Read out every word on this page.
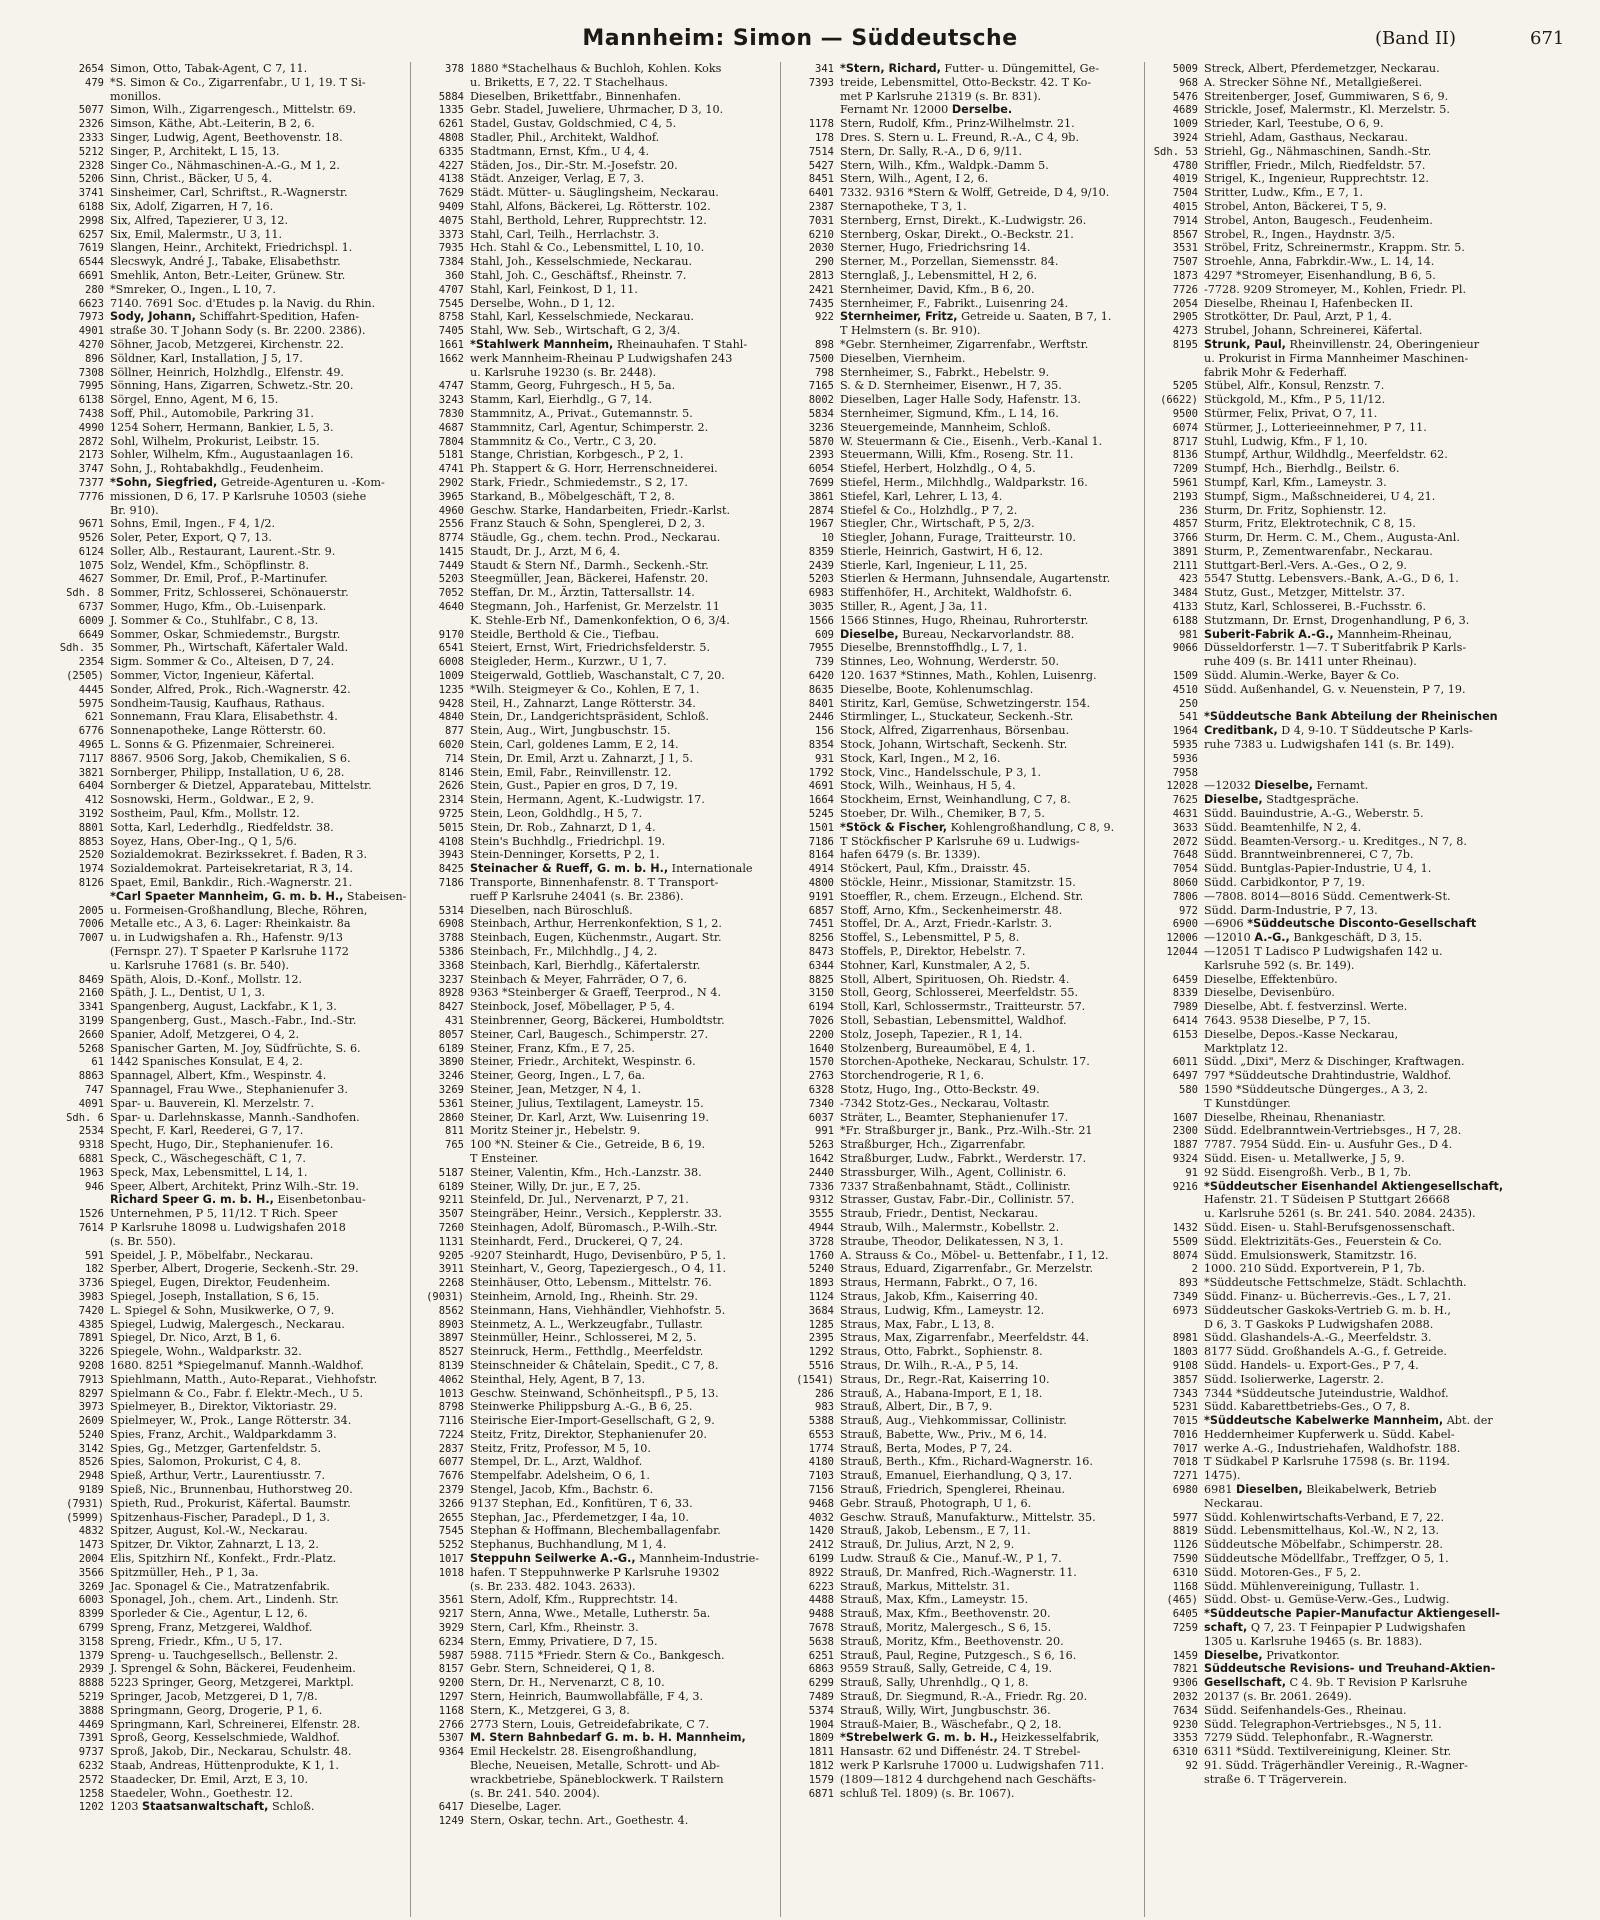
Mannheim: Simon — Süddeutsche	(Band II)	671
2654 Simon, Otto, Tabak-Agent, C 7, 11.
479 *S. Simon & Co., Zigarrenfabr., U 1, 19. T Si-
monillos.
5077 Simon, Wilh., Zigarrengesch., Mittelstr. 69.
2326 Simson, Käthe, Abt.-Leiterin, B 2, 6.
2333 Singer, Ludwig, Agent, Beethovenstr. 18.
5212 Singer, P., Architekt, L 15, 13.
2328 Singer Co., Nähmaschinen-A.-G., M 1, 2.
5206 Sinn, Christ., Bäcker, U 5, 4.
3741 Sinsheimer, Carl, Schriftst., R.-Wagnerstr.
6188 Six, Adolf, Zigarren, H 7, 16.
2998 Six, Alfred, Tapezierer, U 3, 12.
6257 Six, Emil, Malermstr., U 3, 11.
7619 Slangen, Heinr., Architekt, Friedrichspl. 1.
6544 Slecswyk, André J., Tabake, Elisabethstr.
6691 Smehlik, Anton, Betr.-Leiter, Grünew. Str.
280 *Smreker, O., Ingen., L 10, 7.
6623 7140. 7691 Soc. d'Etudes p. la Navig. du Rhin.
7973 Sody, Johann, Schiffahrt-Spedition, Hafen-
4901 straße 30. T Johann Sody (s. Br. 2200. 2386).
4270 Söhner, Jacob, Metzgerei, Kirchenstr. 22.
896 Söldner, Karl, Installation, J 5, 17.
7308 Söllner, Heinrich, Holzhdlg., Elfenstr. 49.
7995 Sönning, Hans, Zigarren, Schwetz.-Str. 20.
6138 Sörgel, Enno, Agent, M 6, 15.
7438 Soff, Phil., Automobile, Parkring 31.
4990 1254 Soherr, Hermann, Bankier, L 5, 3.
2872 Sohl, Wilhelm, Prokurist, Leibstr. 15.
2173 Sohler, Wilhelm, Kfm., Augustaanlagen 16.
3747 Sohn, J., Rohtabakhdlg., Feudenheim.
7377 *Sohn, Siegfried, Getreide-Agenturen u. -Kom-
7776 missionen, D 6, 17. P Karlsruhe 10503 (siehe
Br. 910).
9671 Sohns, Emil, Ingen., F 4, 1/2.
9526 Soler, Peter, Export, Q 7, 13.
6124 Soller, Alb., Restaurant, Laurent.-Str. 9.
1075 Solz, Wendel, Kfm., Schöpflinstr. 8.
4627 Sommer, Dr. Emil, Prof., P.-Martinufer.
Sdh. 8 Sommer, Fritz, Schlosserei, Schönauerstr.
6737 Sommer, Hugo, Kfm., Ob.-Luisenpark.
6009 J. Sommer & Co., Stuhlfabr., C 8, 13.
6649 Sommer, Oskar, Schmiedemstr., Burgstr.
Sdh. 35 Sommer, Ph., Wirtschaft, Käfertaler Wald.
2354 Sigm. Sommer & Co., Alteisen, D 7, 24.
(2505) Sommer, Victor, Ingenieur, Käfertal.
4445 Sonder, Alfred, Prok., Rich.-Wagnerstr. 42.
5975 Sondheim-Tausig, Kaufhaus, Rathaus.
621 Sonnemann, Frau Klara, Elisabethstr. 4.
6776 Sonnenapotheke, Lange Rötterstr. 60.
4965 L. Sonns & G. Pfizenmaier, Schreinerei.
7117 8867. 9506 Sorg, Jakob, Chemikalien, S 6.
3821 Sornberger, Philipp, Installation, U 6, 28.
6404 Sornberger & Dietzel, Apparatebau, Mittelstr.
412 Sosnowski, Herm., Goldwar., E 2, 9.
3192 Sostheim, Paul, Kfm., Mollstr. 12.
8801 Sotta, Karl, Lederhdlg., Riedfeldstr. 38.
8853 Soyez, Hans, Ober-Ing., Q 1, 5/6.
2520 Sozialdemokrat. Bezirkssekret. f. Baden, R 3.
1974 Sozialdemokrat. Parteisekretariat, R 3, 14.
8126 Spaet, Emil, Bankdir., Rich.-Wagnerstr. 21.
*Carl Spaeter Mannheim, G. m. b. H., Stabeisen-
2005 u. Formeisen-Großhandlung, Bleche, Röhren,
7006 Metalle etc., A 3, 6. Lager: Rheinkaistr. 8a
7007 u. in Ludwigshafen a. Rh., Hafenstr. 9/13
(Fernspr. 27). T Spaeter P Karlsruhe 1172
u. Karlsruhe 17681 (s. Br. 540).
8469 Späth, Alois, D.-Konf., Mollstr. 12.
2160 Späth, J. L., Dentist, U 1, 3.
3341 Spangenberg, August, Lackfabr., K 1, 3.
3199 Spangenberg, Gust., Masch.-Fabr., Ind.-Str.
2660 Spanier, Adolf, Metzgerei, O 4, 2.
5268 Spanischer Garten, M. Joy, Südfrüchte, S. 6.
61 1442 Spanisches Konsulat, E 4, 2.
8863 Spannagel, Albert, Kfm., Wespinstr. 4.
747 Spannagel, Frau Wwe., Stephanienufer 3.
4091 Spar- u. Bauverein, Kl. Merzelstr. 7.
Sdh. 6 Spar- u. Darlehnskasse, Mannh.-Sandhofen.
2534 Specht, F. Karl, Reederei, G 7, 17.
9318 Specht, Hugo, Dir., Stephanienufer. 16.
6881 Speck, C., Wäschegeschäft, C 1, 7.
1963 Speck, Max, Lebensmittel, L 14, 1.
946 Speer, Albert, Architekt, Prinz Wilh.-Str. 19.
Richard Speer G. m. b. H., Eisenbetonbau-
1526 Unternehmen, P 5, 11/12. T Rich. Speer
7614 P Karlsruhe 18098 u. Ludwigshafen 2018
(s. Br. 550).
591 Speidel, J. P., Möbelfabr., Neckarau.
182 Sperber, Albert, Drogerie, Seckenh.-Str. 29.
3736 Spiegel, Eugen, Direktor, Feudenheim.
3983 Spiegel, Joseph, Installation, S 6, 15.
7420 L. Spiegel & Sohn, Musikwerke, O 7, 9.
4385 Spiegel, Ludwig, Malergesch., Neckarau.
7891 Spiegel, Dr. Nico, Arzt, B 1, 6.
3226 Spiegele, Wohn., Waldparkstr. 32.
9208 1680. 8251 *Spiegelmanuf. Mannh.-Waldhof.
7913 Spiehlmann, Matth., Auto-Reparat., Viehhofstr.
8297 Spielmann & Co., Fabr. f. Elektr.-Mech., U 5.
3973 Spielmeyer, B., Direktor, Viktoriastr. 29.
2609 Spielmeyer, W., Prok., Lange Rötterstr. 34.
5240 Spies, Franz, Archit., Waldparkdamm 3.
3142 Spies, Gg., Metzger, Gartenfeldstr. 5.
8526 Spies, Salomon, Prokurist, C 4, 8.
2948 Spieß, Arthur, Vertr., Laurentiusstr. 7.
9189 Spieß, Nic., Brunnenbau, Huthorstweg 20.
(7931) Spieth, Rud., Prokurist, Käfertal. Baumstr.
(5999) Spitzenhaus-Fischer, Paradepl., D 1, 3.
4832 Spitzer, August, Kol.-W., Neckarau.
1473 Spitzer, Dr. Viktor, Zahnarzt, L 13, 2.
2004 Elis, Spitzhirn Nf., Konfekt., Frdr.-Platz.
3566 Spitzmüller, Heh., P 1, 3a.
3269 Jac. Sponagel & Cie., Matratzenfabrik.
6003 Sponagel, Joh., chem. Art., Lindenh. Str.
8399 Sporleder & Cie., Agentur, L 12, 6.
6799 Spreng, Franz, Metzgerei, Waldhof.
3158 Spreng, Friedr., Kfm., U 5, 17.
1379 Spreng- u. Tauchgesellsch., Bellenstr. 2.
2939 J. Sprengel & Sohn, Bäckerei, Feudenheim.
8888 5223 Springer, Georg, Metzgerei, Marktpl.
5219 Springer, Jacob, Metzgerei, D 1, 7/8.
3888 Springmann, Georg, Drogerie, P 1, 6.
4469 Springmann, Karl, Schreinerei, Elfenstr. 28.
7391 Sproß, Georg, Kesselschmiede, Waldhof.
9737 Sproß, Jakob, Dir., Neckarau, Schulstr. 48.
6232 Staab, Andreas, Hüttenprodukte, K 1, 1.
2572 Staadecker, Dr. Emil, Arzt, E 3, 10.
1258 Staedeler, Wohn., Goethestr. 12.
1202 1203 Staatsanwaltschaft, Schloß.
378 1880 *Stachelhaus & Buchloh, Kohlen. Koks
u. Briketts, E 7, 22. T Stachelhaus.
5884 Dieselben, Brikettfabr., Binnenhafen.
1335 Gebr. Stadel, Juweliere, Uhrmacher, D 3, 10.
6261 Stadel, Gustav, Goldschmied, C 4, 5.
4808 Stadler, Phil., Architekt, Waldhof.
6335 Stadtmann, Ernst, Kfm., U 4, 4.
4227 Städen, Jos., Dir.-Str. M.-Josefstr. 20.
4138 Städt. Anzeiger, Verlag, E 7, 3.
7629 Städt. Mütter- u. Säuglingsheim, Neckarau.
9409 Stahl, Alfons, Bäckerei, Lg. Rötterstr. 102.
4075 Stahl, Berthold, Lehrer, Rupprechtstr. 12.
3373 Stahl, Carl, Teilh., Herrlachstr. 3.
7935 Hch. Stahl & Co., Lebensmittel, L 10, 10.
7384 Stahl, Joh., Kesselschmiede, Neckarau.
360 Stahl, Joh. C., Geschäftsf., Rheinstr. 7.
4707 Stahl, Karl, Feinkost, D 1, 11.
7545 Derselbe, Wohn., D 1, 12.
8758 Stahl, Karl, Kesselschmiede, Neckarau.
7405 Stahl, Ww. Seb., Wirtschaft, G 2, 3/4.
1661 *Stahlwerk Mannheim, Rheinauhafen. T Stahl-
1662 werk Mannheim-Rheinau P Ludwigshafen 243
u. Karlsruhe 19230 (s. Br. 2448).
4747 Stamm, Georg, Fuhrgesch., H 5, 5a.
3243 Stamm, Karl, Eierhdlg., G 7, 14.
7830 Stammnitz, A., Privat., Gutemannstr. 5.
4687 Stammnitz, Carl, Agentur, Schimperstr. 2.
7804 Stammnitz & Co., Vertr., C 3, 20.
5181 Stange, Christian, Korbgesch., P 2, 1.
4741 Ph. Stappert & G. Horr, Herrenschneiderei.
2902 Stark, Friedr., Schmiedemstr., S 2, 17.
3965 Starkand, B., Möbelgeschäft, T 2, 8.
4960 Geschw. Starke, Handarbeiten, Friedr.-Karlst.
2556 Franz Stauch & Sohn, Spenglerei, D 2, 3.
8774 Stäudle, Gg., chem. techn. Prod., Neckarau.
1415 Staudt, Dr. J., Arzt, M 6, 4.
7449 Staudt & Stern Nf., Darmh., Seckenh.-Str.
5203 Steegmüller, Jean, Bäckerei, Hafenstr. 20.
7052 Steffan, Dr. M., Ärztin, Tattersallstr. 14.
4640 Stegmann, Joh., Harfenist, Gr. Merzelstr. 11
K. Stehle-Erb Nf., Damenkonfektion, O 6, 3/4.
9170 Steidle, Berthold & Cie., Tiefbau.
6541 Steiert, Ernst, Wirt, Friedrichsfelderstr. 5.
6008 Steigleder, Herm., Kurzwr., U 1, 7.
1009 Steigerwald, Gottlieb, Waschanstalt, C 7, 20.
1235 *Wilh. Steigmeyer & Co., Kohlen, E 7, 1.
9428 Steil, H., Zahnarzt, Lange Rötterstr. 34.
4840 Stein, Dr., Landgerichtspräsident, Schloß.
877 Stein, Aug., Wirt, Jungbuschstr. 15.
6020 Stein, Carl, goldenes Lamm, E 2, 14.
714 Stein, Dr. Emil, Arzt u. Zahnarzt, J 1, 5.
8146 Stein, Emil, Fabr., Reinvillenstr. 12.
2626 Stein, Gust., Papier en gros, D 7, 19.
2314 Stein, Hermann, Agent, K.-Ludwigstr. 17.
9725 Stein, Leon, Goldhdlg., H 5, 7.
5015 Stein, Dr. Rob., Zahnarzt, D 1, 4.
4108 Stein's Buchhdlg., Friedrichpl. 19.
3943 Stein-Denninger, Korsetts, P 2, 1.
8425 Steinacher & Rueff, G. m. b. H., Internationale
7186 Transporte, Binnenhafenstr. 8. T Transport-
rueff P Karlsruhe 24041 (s. Br. 2386).
5314 Dieselben, nach Büroschluß.
6908 Steinbach, Arthur, Herrenkonfektion, S 1, 2.
3788 Steinbach, Eugen, Küchenmstr., Augart. Str.
5386 Steinbach, Fr., Milchhdlg., J 4, 2.
3368 Steinbach, Karl, Bierhdlg., Käfertalerstr.
3237 Steinbach & Meyer, Fahrräder, O 7, 6.
8928 9363 *Steinberger & Graeff, Teerprod., N 4.
8427 Steinbock, Josef, Möbellager, P 5, 4.
431 Steinbrenner, Georg, Bäckerei, Humboldtstr.
8057 Steiner, Carl, Baugesch., Schimperstr. 27.
6189 Steiner, Franz, Kfm., E 7, 25.
3890 Steiner, Friedr., Architekt, Wespinstr. 6.
3246 Steiner, Georg, Ingen., L 7, 6a.
3269 Steiner, Jean, Metzger, N 4, 1.
5361 Steiner, Julius, Textilagent, Lameystr. 15.
2860 Steiner, Dr. Karl, Arzt, Ww. Luisenring 19.
811 Moritz Steiner jr., Hebelstr. 9.
765 100 *N. Steiner & Cie., Getreide, B 6, 19.
T Ensteiner.
5187 Steiner, Valentin, Kfm., Hch.-Lanzstr. 38.
6189 Steiner, Willy, Dr. jur., E 7, 25.
9211 Steinfeld, Dr. Jul., Nervenarzt, P 7, 21.
3507 Steingräber, Heinr., Versich., Kepplerstr. 33.
7260 Steinhagen, Adolf, Büromasch., P.-Wilh.-Str.
1131 Steinhardt, Ferd., Druckerei, Q 7, 24.
9205 -9207 Steinhardt, Hugo, Devisenbüro, P 5, 1.
3911 Steinhart, V., Georg, Tapeziergesch., O 4, 11.
2268 Steinhäuser, Otto, Lebensm., Mittelstr. 76.
(9031) Steinheim, Arnold, Ing., Rheinh. Str. 29.
8562 Steinmann, Hans, Viehhändler, Viehhofstr. 5.
8903 Steinmetz, A. L., Werkzeugfabr., Tullastr.
3897 Steinmüller, Heinr., Schlosserei, M 2, 5.
8527 Steinruck, Herm., Fetthdlg., Meerfeldstr.
8139 Steinschneider & Châtelain, Spedit., C 7, 8.
4062 Steinthal, Hely, Agent, B 7, 13.
1013 Geschw. Steinwand, Schönheitspfl., P 5, 13.
8798 Steinwerke Philippsburg A.-G., B 6, 25.
7116 Steirische Eier-Import-Gesellschaft, G 2, 9.
7224 Steitz, Fritz, Direktor, Stephanienufer 20.
2837 Steitz, Fritz, Professor, M 5, 10.
6077 Stempel, Dr. L., Arzt, Waldhof.
7676 Stempelfabr. Adelsheim, O 6, 1.
2379 Stengel, Jacob, Kfm., Bachstr. 6.
3266 9137 Stephan, Ed., Konfitüren, T 6, 33.
2655 Stephan, Jac., Pferdemetzger, I 4a, 10.
7545 Stephan & Hoffmann, Blechemballagenfabr.
5252 Stephanus, Buchhandlung, M 1, 4.
1017 Steppuhn Seilwerke A.-G., Mannheim-Industrie-
1018 hafen. T Steppuhnwerke P Karlsruhe 19302
(s. Br. 233. 482. 1043. 2633).
3561 Stern, Adolf, Kfm., Rupprechtstr. 14.
9217 Stern, Anna, Wwe., Metalle, Lutherstr. 5a.
3929 Stern, Carl, Kfm., Rheinstr. 3.
6234 Stern, Emmy, Privatiere, D 7, 15.
5987 5988. 7115 *Friedr. Stern & Co., Bankgesch.
8157 Gebr. Stern, Schneiderei, Q 1, 8.
9200 Stern, Dr. H., Nervenarzt, C 8, 10.
1297 Stern, Heinrich, Baumwollabfälle, F 4, 3.
1168 Stern, K., Metzgerei, G 3, 8.
2766 2773 Stern, Louis, Getreidefabrikate, C 7.
5307 M. Stern Bahnbedarf G. m. b. H. Mannheim,
9364 Emil Heckelstr. 28. Eisengroßhandlung,
Bleche, Neueisen, Metalle, Schrott- und Ab-
wrackbetriebe, Späneblockwerk. T Railstern
(s. Br. 241. 540. 2004).
6417 Dieselbe, Lager.
1249 Stern, Oskar, techn. Art., Goethestr. 4.
341 *Stern, Richard, Futter- u. Düngemittel, Ge-
7393 treide, Lebensmittel, Otto-Beckstr. 42. T Ko-
met P Karlsruhe 21319 (s. Br. 831).
Fernamt Nr. 12000 Derselbe.
1178 Stern, Rudolf, Kfm., Prinz-Wilhelmstr. 21.
178 Dres. S. Stern u. L. Freund, R.-A., C 4, 9b.
7514 Stern, Dr. Sally, R.-A., D 6, 9/11.
5427 Stern, Wilh., Kfm., Waldpk.-Damm 5.
8451 Stern, Wilh., Agent, I 2, 6.
6401 7332. 9316 *Stern & Wolff, Getreide, D 4, 9/10.
2387 Sternapotheke, T 3, 1.
7031 Sternberg, Ernst, Direkt., K.-Ludwigstr. 26.
6210 Sternberg, Oskar, Direkt., O.-Beckstr. 21.
2030 Sterner, Hugo, Friedrichsring 14.
290 Sterner, M., Porzellan, Siemensstr. 84.
2813 Sternglaß, J., Lebensmittel, H 2, 6.
2421 Sternheimer, David, Kfm., B 6, 20.
7435 Sternheimer, F., Fabrikt., Luisenring 24.
922 Sternheimer, Fritz, Getreide u. Saaten, B 7, 1.
T Helmstern (s. Br. 910).
898 *Gebr. Sternheimer, Zigarrenfabr., Werftstr.
7500 Dieselben, Viernheim.
798 Sternheimer, S., Fabrkt., Hebelstr. 9.
7165 S. & D. Sternheimer, Eisenwr., H 7, 35.
8002 Dieselben, Lager Halle Sody, Hafenstr. 13.
5834 Sternheimer, Sigmund, Kfm., L 14, 16.
3236 Steuergemeinde, Mannheim, Schloß.
5870 W. Steuermann & Cie., Eisenh., Verb.-Kanal 1.
2393 Steuermann, Willi, Kfm., Roseng. Str. 11.
6054 Stiefel, Herbert, Holzhdlg., O 4, 5.
7699 Stiefel, Herm., Milchhdlg., Waldparkstr. 16.
3861 Stiefel, Karl, Lehrer, L 13, 4.
2874 Stiefel & Co., Holzhdlg., P 7, 2.
1967 Stiegler, Chr., Wirtschaft, P 5, 2/3.
10 Stiegler, Johann, Furage, Traitteurstr. 10.
8359 Stierle, Heinrich, Gastwirt, H 6, 12.
2439 Stierle, Karl, Ingenieur, L 11, 25.
5203 Stierlen & Hermann, Juhnsendale, Augartenstr.
6983 Stiffenhöfer, H., Architekt, Waldhofstr. 6.
3035 Stiller, R., Agent, J 3a, 11.
1566 1566 Stinnes, Hugo, Rheinau, Ruhrorterstr.
609 Dieselbe, Bureau, Neckarvorlandstr. 88.
7955 Dieselbe, Brennstoffhdlg., L 7, 1.
739 Stinnes, Leo, Wohnung, Werderstr. 50.
6420 120. 1637 *Stinnes, Math., Kohlen, Luisenrg.
8635 Dieselbe, Boote, Kohlenumschlag.
8401 Stiritz, Karl, Gemüse, Schwetzingerstr. 154.
2446 Stirmlinger, L., Stuckateur, Seckenh.-Str.
156 Stock, Alfred, Zigarrenhaus, Börsenbau.
8354 Stock, Johann, Wirtschaft, Seckenh. Str.
931 Stock, Karl, Ingen., M 2, 16.
1792 Stock, Vinc., Handelsschule, P 3, 1.
4691 Stock, Wilh., Weinhaus, H 5, 4.
1664 Stockheim, Ernst, Weinhandlung, C 7, 8.
5245 Stoeber, Dr. Wilh., Chemiker, B 7, 5.
1501 *Stöck & Fischer, Kohlengroßhandlung, C 8, 9.
7186 T Stöckfischer P Karlsruhe 69 u. Ludwigs-
8164 hafen 6479 (s. Br. 1339).
4914 Stöckert, Paul, Kfm., Draisstr. 45.
4800 Stöckle, Heinr., Missionar, Stamitzstr. 15.
9191 Stoeffler, R., chem. Erzeugn., Elchend. Str.
6857 Stoff, Arno, Kfm., Seckenheimerstr. 48.
7451 Stoffel, Dr. A., Arzt, Friedr.-Karlstr. 3.
8256 Stoffel, S., Lebensmittel, P 5, 8.
8473 Stoffels, P., Direktor, Hebelstr. 7.
6344 Stohner, Karl, Kunstmaler, A 2, 5.
8825 Stoll, Albert, Spirituosen, Oh. Riedstr. 4.
3150 Stoll, Georg, Schlosserei, Meerfeldstr. 55.
6194 Stoll, Karl, Schlossermstr., Traitteurstr. 57.
7026 Stoll, Sebastian, Lebensmittel, Waldhof.
2200 Stolz, Joseph, Tapezier., R 1, 14.
1640 Stolzenberg, Bureaumöbel, E 4, 1.
1570 Storchen-Apotheke, Neckarau, Schulstr. 17.
2763 Storchendrogerie, R 1, 6.
6328 Stotz, Hugo, Ing., Otto-Beckstr. 49.
7340 -7342 Stotz-Ges., Neckarau, Voltastr.
6037 Sträter, L., Beamter, Stephanienufer 17.
991 *Fr. Straßburger jr., Bank., Prz.-Wilh.-Str. 21
5263 Straßburger, Hch., Zigarrenfabr.
1642 Straßburger, Ludw., Fabrkt., Werderstr. 17.
2440 Strassburger, Wilh., Agent, Collinistr. 6.
7336 7337 Straßenbahnamt, Städt., Collinistr.
9312 Strasser, Gustav, Fabr.-Dir., Collinistr. 57.
3555 Straub, Friedr., Dentist, Neckarau.
4944 Straub, Wilh., Malermstr., Kobellstr. 2.
3728 Straube, Theodor, Delikatessen, N 3, 1.
1760 A. Strauss & Co., Möbel- u. Bettenfabr., I 1, 12.
5240 Straus, Eduard, Zigarrenfabr., Gr. Merzelstr.
1893 Straus, Hermann, Fabrkt., O 7, 16.
1124 Straus, Jakob, Kfm., Kaiserring 40.
3684 Straus, Ludwig, Kfm., Lameystr. 12.
1285 Straus, Max, Fabr., L 13, 8.
2395 Straus, Max, Zigarrenfabr., Meerfeldstr. 44.
1292 Straus, Otto, Fabrkt., Sophienstr. 8.
5516 Straus, Dr. Wilh., R.-A., P 5, 14.
(1541) Straus, Dr., Regr.-Rat, Kaiserring 10.
286 Strauß, A., Habana-Import, E 1, 18.
983 Strauß, Albert, Dir., B 7, 9.
5388 Strauß, Aug., Viehkommissar, Collinistr.
6553 Strauß, Babette, Ww., Priv., M 6, 14.
1774 Strauß, Berta, Modes, P 7, 24.
4180 Strauß, Berth., Kfm., Richard-Wagnerstr. 16.
7103 Strauß, Emanuel, Eierhandlung, Q 3, 17.
7156 Strauß, Friedrich, Spenglerei, Rheinau.
9468 Gebr. Strauß, Photograph, U 1, 6.
4032 Geschw. Strauß, Manufakturw., Mittelstr. 35.
1420 Strauß, Jakob, Lebensm., E 7, 11.
2412 Strauß, Dr. Julius, Arzt, N 2, 9.
6199 Ludw. Strauß & Cie., Manuf.-W., P 1, 7.
8922 Strauß, Dr. Manfred, Rich.-Wagnerstr. 11.
6223 Strauß, Markus, Mittelstr. 31.
4488 Strauß, Max, Kfm., Lameystr. 15.
9488 Strauß, Max, Kfm., Beethovenstr. 20.
7678 Strauß, Moritz, Malergesch., S 6, 15.
5638 Strauß, Moritz, Kfm., Beethovenstr. 20.
6251 Strauß, Paul, Regine, Putzgesch., S 6, 16.
6863 9559 Strauß, Sally, Getreide, C 4, 19.
6299 Strauß, Sally, Uhrenhdlg., Q 1, 8.
7489 Strauß, Dr. Siegmund, R.-A., Friedr. Rg. 20.
5374 Strauß, Willy, Wirt, Jungbuschstr. 36.
1904 Strauß-Maier, B., Wäschefabr., Q 2, 18.
1809 *Strebelwerk G. m. b. H., Heizkesselfabrik,
1811 Hansastr. 62 und Diffenéstr. 24. T Strebel-
1812 werk P Karlsruhe 17000 u. Ludwigshafen 711.
1579 (1809—1812 4 durchgehend nach Geschäfts-
6871 schluß Tel. 1809) (s. Br. 1067).
5009 Streck, Albert, Pferdemetzger, Neckarau.
968 A. Strecker Söhne Nf., Metallgießerei.
5476 Streitenberger, Josef, Gummiwaren, S 6, 9.
4689 Strickle, Josef, Malermstr., Kl. Merzelstr. 5.
1009 Strieder, Karl, Teestube, O 6, 9.
3924 Striehl, Adam, Gasthaus, Neckarau.
Sdh. 53 Striehl, Gg., Nähmaschinen, Sandh.-Str.
4780 Striffler, Friedr., Milch, Riedfeldstr. 57.
4019 Strigel, K., Ingenieur, Rupprechtstr. 12.
7504 Stritter, Ludw., Kfm., E 7, 1.
4015 Strobel, Anton, Bäckerei, T 5, 9.
7914 Strobel, Anton, Baugesch., Feudenheim.
8567 Strobel, R., Ingen., Haydnstr. 3/5.
3531 Ströbel, Fritz, Schreinermstr., Krappm. Str. 5.
7507 Stroehle, Anna, Fabrkdir.-Ww., L. 14, 14.
1873 4297 *Stromeyer, Eisenhandlung, B 6, 5.
7726 -7728. 9209 Stromeyer, M., Kohlen, Friedr. Pl.
2054 Dieselbe, Rheinau I, Hafenbecken II.
2905 Strotkötter, Dr. Paul, Arzt, P 1, 4.
4273 Strubel, Johann, Schreinerei, Käfertal.
8195 Strunk, Paul, Rheinvillenstr. 24, Oberingenieur
u. Prokurist in Firma Mannheimer Maschinen-
fabrik Mohr & Federhaff.
5205 Stübel, Alfr., Konsul, Renzstr. 7.
(6622) Stückgold, M., Kfm., P 5, 11/12.
9500 Stürmer, Felix, Privat, O 7, 11.
6074 Stürmer, J., Lotterieeinnehmer, P 7, 11.
8717 Stuhl, Ludwig, Kfm., F 1, 10.
8136 Stumpf, Arthur, Wildhdlg., Meerfeldstr. 62.
7209 Stumpf, Hch., Bierhdlg., Beilstr. 6.
5961 Stumpf, Karl, Kfm., Lameystr. 3.
2193 Stumpf, Sigm., Maßschneiderei, U 4, 21.
236 Sturm, Dr. Fritz, Sophienstr. 12.
4857 Sturm, Fritz, Elektrotechnik, C 8, 15.
3766 Sturm, Dr. Herm. C. M., Chem., Augusta-Anl.
3891 Sturm, P., Zementwarenfabr., Neckarau.
2111 Stuttgart-Berl.-Vers. A.-Ges., O 2, 9.
423 5547 Stuttg. Lebensvers.-Bank, A.-G., D 6, 1.
3484 Stutz, Gust., Metzger, Mittelstr. 37.
4133 Stutz, Karl, Schlosserei, B.-Fuchsstr. 6.
6188 Stutzmann, Dr. Ernst, Drogenhandlung, P 6, 3.
981 Suberit-Fabrik A.-G., Mannheim-Rheinau,
9066 Düsseldorferstr. 1—7. T Suberitfabrik P Karls-
ruhe 409 (s. Br. 1411 unter Rheinau).
1509 Südd. Alumin.-Werke, Bayer & Co.
4510 Südd. Außenhandel, G. v. Neuenstein, P 7, 19.
250
541 *Süddeutsche Bank Abteilung der Rheinischen
1964 Creditbank, D 4, 9-10. T Süddeutsche P Karls-
5935 ruhe 7383 u. Ludwigshafen 141 (s. Br. 149).
5936
7958
12028 —12032 Dieselbe, Fernamt.
7625 Dieselbe, Stadtgespräche.
4631 Südd. Bauindustrie, A.-G., Weberstr. 5.
3633 Südd. Beamtenhilfe, N 2, 4.
2072 Südd. Beamten-Versorg.- u. Kreditges., N 7, 8.
7648 Südd. Branntweinbrennerei, C 7, 7b.
7054 Südd. Buntglas-Papier-Industrie, U 4, 1.
8060 Südd. Carbidkontor, P 7, 19.
7806 —7808. 8014—8016 Südd. Cementwerk-St.
972 Südd. Darm-Industrie, P 7, 13.
6900 —6906 *Süddeutsche Disconto-Gesellschaft
12006 —12010 A.-G., Bankgeschäft, D 3, 15.
12044 —12051 T Ladisco P Ludwigshafen 142 u.
Karlsruhe 592 (s. Br. 149).
6459 Dieselbe, Effektenbüro.
8339 Dieselbe, Devisenbüro.
7989 Dieselbe, Abt. f. festverzinsl. Werte.
6414 7643. 9538 Dieselbe, P 7, 15.
6153 Dieselbe, Depos.-Kasse Neckarau,
Marktplatz 12.
6011 Südd. „Dixi", Merz & Dischinger, Kraftwagen.
6497 797 *Süddeutsche Drahtindustrie, Waldhof.
580 1590 *Süddeutsche Düngerges., A 3, 2.
T Kunstdünger.
1607 Dieselbe, Rheinau, Rhenaniastr.
2300 Südd. Edelbranntwein-Vertriebsges., H 7, 28.
1887 7787. 7954 Südd. Ein- u. Ausfuhr Ges., D 4.
9324 Südd. Eisen- u. Metallwerke, J 5, 9.
91 92 Südd. Eisengroßh. Verb., B 1, 7b.
9216 *Süddeutscher Eisenhandel Aktiengesellschaft,
Hafenstr. 21. T Südeisen P Stuttgart 26668
u. Karlsruhe 5261 (s. Br. 241. 540. 2084. 2435).
1432 Südd. Eisen- u. Stahl-Berufsgenossenschaft.
5509 Südd. Elektrizitäts-Ges., Feuerstein & Co.
8074 Südd. Emulsionswerk, Stamitzstr. 16.
2 1000. 210 Südd. Exportverein, P 1, 7b.
893 *Süddeutsche Fettschmelze, Städt. Schlachth.
7349 Südd. Finanz- u. Bücherrevis.-Ges., L 7, 21.
6973 Süddeutscher Gaskoks-Vertrieb G. m. b. H.,
D 6, 3. T Gaskoks P Ludwigshafen 2088.
8981 Südd. Glashandels-A.-G., Meerfeldstr. 3.
1803 8177 Südd. Großhandels A.-G., f. Getreide.
9108 Südd. Handels- u. Export-Ges., P 7, 4.
3857 Südd. Isolierwerke, Lagerstr. 2.
7343 7344 *Süddeutsche Juteindustrie, Waldhof.
5231 Südd. Kabarettbetriebs-Ges., O 7, 8.
7015 *Süddeutsche Kabelwerke Mannheim, Abt. der
7016 Heddernheimer Kupferwerk u. Südd. Kabel-
7017 werke A.-G., Industriehafen, Waldhofstr. 188.
7018 T Südkabel P Karlsruhe 17598 (s. Br. 1194.
7271 1475).
6980 6981 Dieselben, Bleikabelwerk, Betrieb
Neckarau.
5977 Südd. Kohlenwirtschafts-Verband, E 7, 22.
8819 Südd. Lebensmittelhaus, Kol.-W., N 2, 13.
1126 Süddeutsche Möbelfabr., Schimperstr. 28.
7590 Süddeutsche Mödellfabr., Treffzger, O 5, 1.
6310 Südd. Motoren-Ges., F 5, 2.
1168 Südd. Mühlenvereinigung, Tullastr. 1.
(465) Südd. Obst- u. Gemüse-Verw.-Ges., Ludwig.
6405 *Süddeutsche Papier-Manufactur Aktiengesell-
7259 schaft, Q 7, 23. T Feinpapier P Ludwigshafen
1305 u. Karlsruhe 19465 (s. Br. 1883).
1459 Dieselbe, Privatkontor.
7821 Süddeutsche Revisions- und Treuhand-Aktien-
9306 Gesellschaft, C 4. 9b. T Revision P Karlsruhe
2032 20137 (s. Br. 2061. 2649).
7634 Südd. Seifenhandels-Ges., Rheinau.
9230 Südd. Telegraphon-Vertriebsges., N 5, 11.
3353 7279 Südd. Telephonfabr., R.-Wagnerstr.
6310 6311 *Südd. Textilvereinigung, Kleiner. Str.
92 91. Südd. Trägerhändler Vereinig., R.-Wagner-
straße 6. T Trägerverein.
